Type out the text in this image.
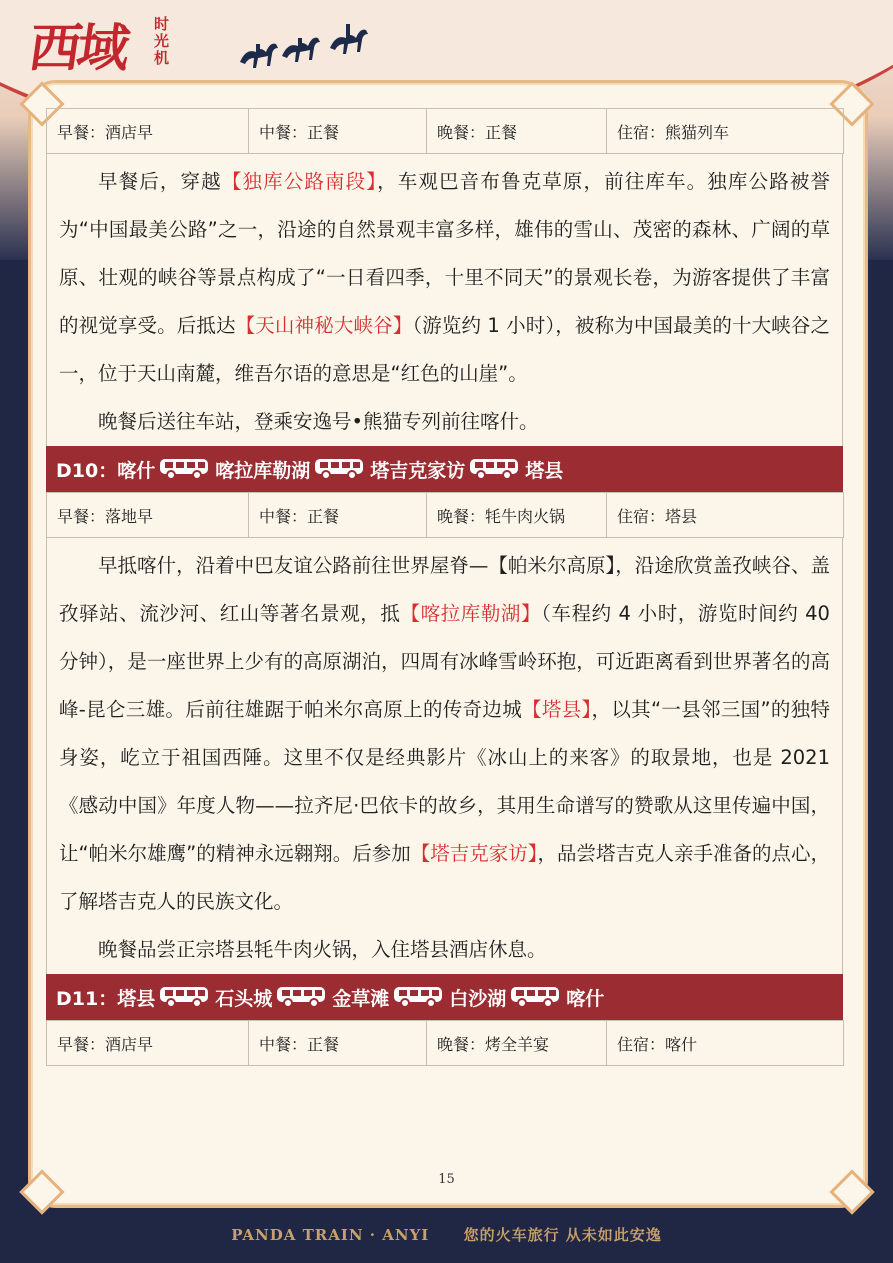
西域 时光机
早餐：酒店早	中餐：正餐	晚餐：正餐	住宿：熊猫列车

早餐后，穿越【独库公路南段】，车观巴音布鲁克草原，前往库车。独库公路被誉为“中国最美公路”之一，沿途的自然景观丰富多样，雄伟的雪山、茂密的森林、广阔的草原、壮观的峡谷等景点构成了“一日看四季，十里不同天”的景观长卷，为游客提供了丰富的视觉享受。后抵达【天山神秘大峡谷】（游览约 1 小时），被称为中国最美的十大峡谷之一，位于天山南麓，维吾尔语的意思是“红色的山崖”。

晚餐后送往车站，登乘安逸号•熊猫专列前往喀什。

D10： 喀什	喀拉库勒湖	塔吉克家访	塔县
早餐：落地早	中餐：正餐	晚餐：牦牛肉火锅	住宿：塔县

早抵喀什，沿着中巴友谊公路前往世界屋脊—【帕米尔高原】，沿途欣赏盖孜峡谷、盖孜驿站、流沙河、红山等著名景观，抵【喀拉库勒湖】（车程约 4 小时，游览时间约 40 分钟），是一座世界上少有的高原湖泊，四周有冰峰雪岭环抱，可近距离看到世界著名的高峰-昆仑三雄。后前往雄踞于帕米尔高原上的传奇边城【塔县】，以其“一县邻三国”的独特身姿，屹立于祖国西陲。这里不仅是经典影片《冰山上的来客》的取景地，也是 2021《感动中国》年度人物——拉齐尼·巴依卡的故乡，其用生命谱写的赞歌从这里传遍中国，让“帕米尔雄鹰”的精神永远翱翔。后参加【塔吉克家访】，品尝塔吉克人亲手准备的点心，了解塔吉克人的民族文化。

晚餐品尝正宗塔县牦牛肉火锅，入住塔县酒店休息。

D11： 塔县	石头城	金草滩	白沙湖	喀什
早餐：酒店早	中餐：正餐	晚餐：烤全羊宴	住宿：喀什
15
PANDA TRAIN · ANYI 您的火车旅行 从未如此安逸
